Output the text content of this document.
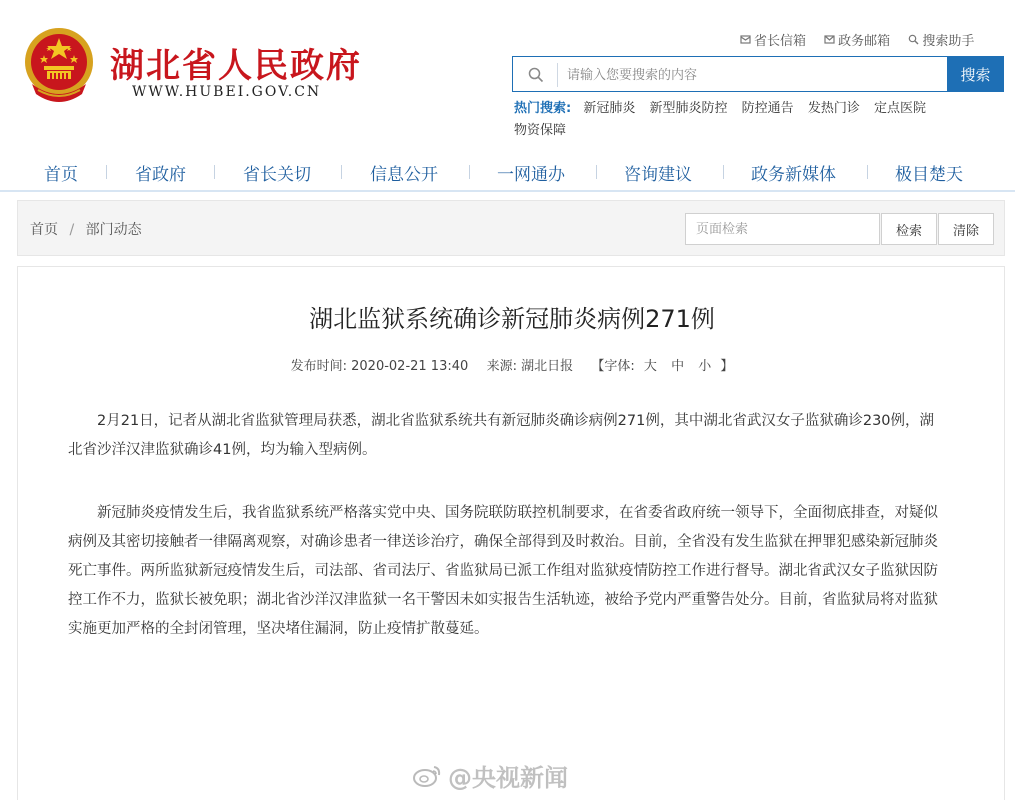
湖北省人民政府
WWW.HUBEI.GOV.CN
省长信箱
政务邮箱
搜索助手
请输入您要搜索的内容
搜索
热门搜索: 新冠肺炎 新型肺炎防控 防控通告 发热门诊 定点医院
物资保障
首页	省政府	省长关切	信息公开	一网通办	咨询建议	政务新媒体	极目楚天
首页 / 部门动态
页面检索	检索	清除
湖北监狱系统确诊新冠肺炎病例271例
发布时间: 2020-02-21 13:40 来源: 湖北日报 【字体: 大 中 小 】

2月21日，记者从湖北省监狱管理局获悉，湖北省监狱系统共有新冠肺炎确诊病例271例，其中湖北省武汉女子监狱确诊230例，湖北省沙洋汉津监狱确诊41例，均为输入型病例。

新冠肺炎疫情发生后，我省监狱系统严格落实党中央、国务院联防联控机制要求，在省委省政府统一领导下，全面彻底排查，对疑似病例及其密切接触者一律隔离观察，对确诊患者一律送诊治疗，确保全部得到及时救治。目前，全省没有发生监狱在押罪犯感染新冠肺炎死亡事件。两所监狱新冠疫情发生后，司法部、省司法厅、省监狱局已派工作组对监狱疫情防控工作进行督导。湖北省武汉女子监狱因防控工作不力，监狱长被免职；湖北省沙洋汉津监狱一名干警因未如实报告生活轨迹，被给予党内严重警告处分。目前，省监狱局将对监狱实施更加严格的全封闭管理，坚决堵住漏洞，防止疫情扩散蔓延。

@央视新闻
